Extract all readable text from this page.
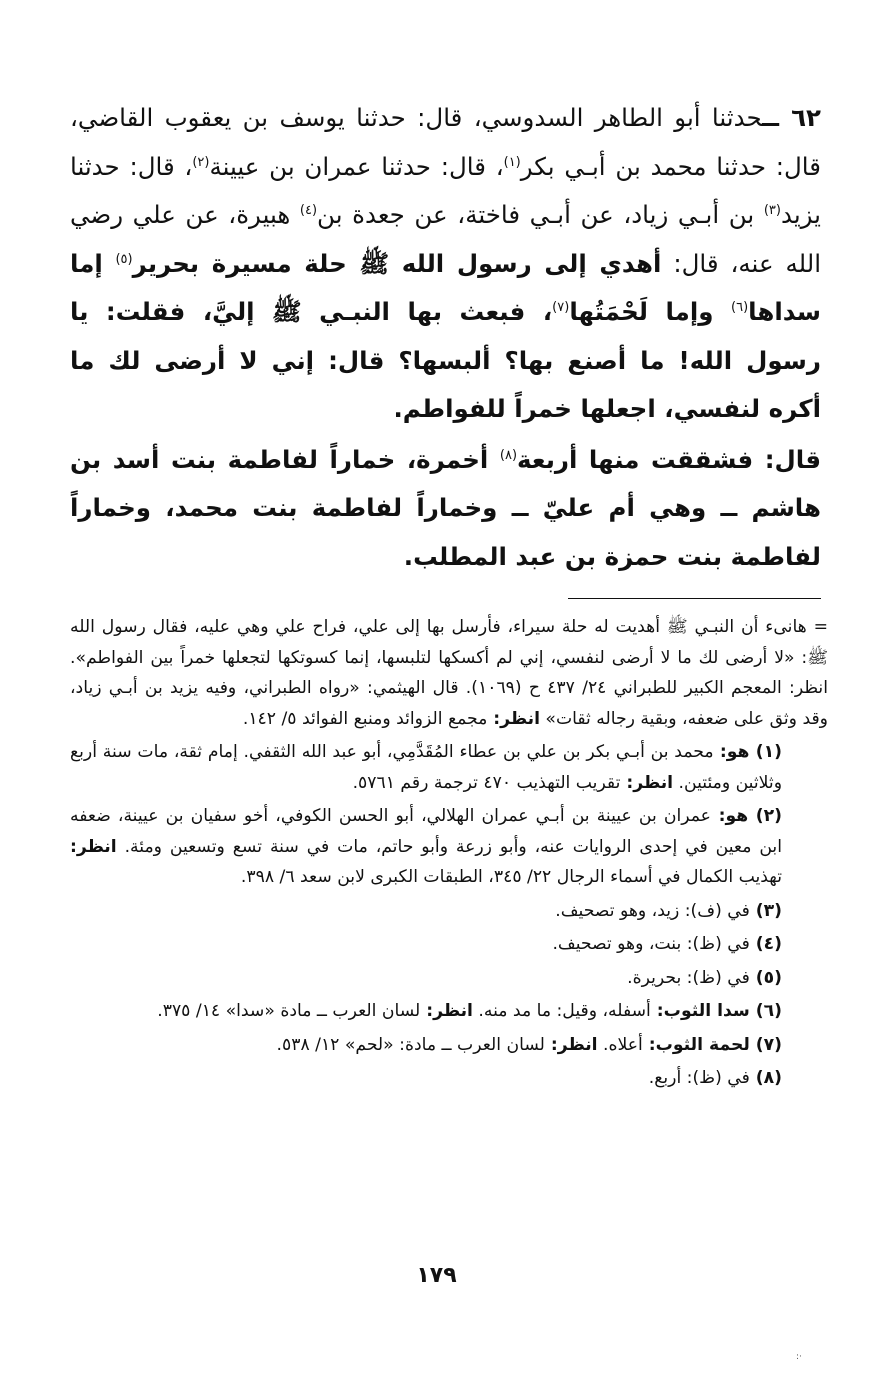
٦٢ ــحدثنا أبو الطاهر السدوسي، قال: حدثنا يوسف بن يعقوب القاضي، قال: حدثنا محمد بن أبـي بكر$^{(١)}$، قال: حدثنا عمران بن عيينة$^{(٢)}$، قال: حدثنا يزيد$^{(٣)}$ بن أبـي زياد، عن أبـي فاختة، عن جعدة بن$^{(٤)}$ هبيرة، عن علي رضي الله عنه، قال: أهدي إلى رسول الله ﷺ حلة مسيرة بحرير$^{(٥)}$ إما سداها$^{(٦)}$ وإما لَحْمَتُها$^{(٧)}$، فبعث بها النبـي ﷺ إليَّ، فقلت: يا رسول الله! ما أصنع بها؟ ألبسها؟ قال: إني لا أرضى لك ما أكره لنفسي، اجعلها خمراً للفواطم.

قال: فشققت منها أربعة$^{(٨)}$ أخمرة، خماراً لفاطمة بنت أسد بن هاشم ــ وهي أم عليّ ــ وخماراً لفاطمة بنت محمد، وخماراً لفاطمة بنت حمزة بن عبد المطلب.

= هانىء أن النبـي ﷺ أهديت له حلة سيراء، فأرسل بها إلى علي، فراح علي وهي عليه، فقال رسول الله ﷺ: «لا أرضى لك ما لا أرضى لنفسي، إني لم أكسكها لتلبسها، إنما كسوتكها لتجعلها خمراً بين الفواطم». انظر: المعجم الكبير للطبراني ٢٤/ ٤٣٧ ح (١٠٦٩). قال الهيثمي: «رواه الطبراني، وفيه يزيد بن أبـي زياد، وقد وثق على ضعفه، وبقية رجاله ثقات» انظر: مجمع الزوائد ومنبع الفوائد ٥/ ١٤٢.

(١) هو: محمد بن أبـي بكر بن علي بن عطاء المُقَدَّمِي، أبو عبد الله الثقفي. إمام ثقة، مات سنة أربع وثلاثين ومئتين. انظر: تقريب التهذيب ٤٧٠ ترجمة رقم ٥٧٦١.

(٢) هو: عمران بن عيينة بن أبـي عمران الهلالي، أبو الحسن الكوفي، أخو سفيان بن عيينة، ضعفه ابن معين في إحدى الروايات عنه، وأبو زرعة وأبو حاتم، مات في سنة تسع وتسعين ومئة. انظر: تهذيب الكمال في أسماء الرجال ٢٢/ ٣٤٥، الطبقات الكبرى لابن سعد ٦/ ٣٩٨.

(٣) في (ف): زيد، وهو تصحيف.

(٤) في (ظ): بنت، وهو تصحيف.

(٥) في (ظ): بحريرة.

(٦) سدا الثوب: أسفله، وقيل: ما مد منه. انظر: لسان العرب ــ مادة «سدا» ١٤/ ٣٧٥.

(٧) لحمة الثوب: أعلاه. انظر: لسان العرب ــ مادة: «لحم» ١٢/ ٥٣٨.

(٨) في (ظ): أربع.

١٧٩
·:
